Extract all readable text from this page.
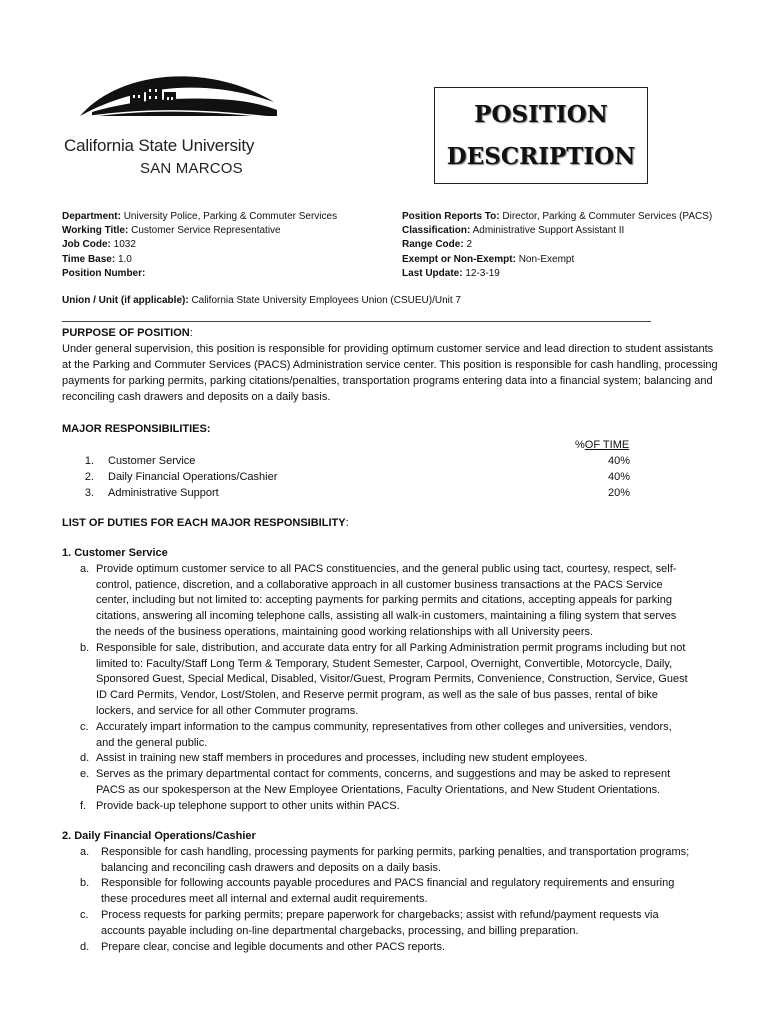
California State University
SAN MARCOS
POSITION
DESCRIPTION
Department: University Police, Parking & Commuter Services
Working Title: Customer Service Representative
Job Code: 1032
Time Base: 1.0
Position Number:
Position Reports To: Director, Parking & Commuter Services (PACS)
Classification: Administrative Support Assistant II
Range Code: 2
Exempt or Non-Exempt: Non-Exempt
Last Update: 12-3-19
Union / Unit (if applicable): California State University Employees Union (CSUEU)/Unit 7
PURPOSE OF POSITION:
Under general supervision, this position is responsible for providing optimum customer service and lead direction to student assistants at the Parking and Commuter Services (PACS) Administration service center. This position is responsible for cash handling, processing payments for parking permits, parking citations/penalties, transportation programs entering data into a financial system; balancing and reconciling cash drawers and deposits on a daily basis.
MAJOR RESPONSIBILITIES:
%OF TIME
1. Customer Service	40%
2. Daily Financial Operations/Cashier	40%
3. Administrative Support	20%
LIST OF DUTIES FOR EACH MAJOR RESPONSIBILITY:
1. Customer Service
a. Provide optimum customer service to all PACS constituencies, and the general public using tact, courtesy, respect, self-control, patience, discretion, and a collaborative approach in all customer business transactions at the PACS Service center, including but not limited to: accepting payments for parking permits and citations, accepting appeals for parking citations, answering all incoming telephone calls, assisting all walk-in customers, maintaining a filing system that serves the needs of the business operations, maintaining good working relationships with all University peers.
b. Responsible for sale, distribution, and accurate data entry for all Parking Administration permit programs including but not limited to: Faculty/Staff Long Term & Temporary, Student Semester, Carpool, Overnight, Convertible, Motorcycle, Daily, Sponsored Guest, Special Medical, Disabled, Visitor/Guest, Program Permits, Convenience, Construction, Service, Guest ID Card Permits, Vendor, Lost/Stolen, and Reserve permit program, as well as the sale of bus passes, rental of bike lockers, and service for all other Commuter programs.
c. Accurately impart information to the campus community, representatives from other colleges and universities, vendors, and the general public.
d. Assist in training new staff members in procedures and processes, including new student employees.
e. Serves as the primary departmental contact for comments, concerns, and suggestions and may be asked to represent PACS as our spokesperson at the New Employee Orientations, Faculty Orientations, and New Student Orientations.
f. Provide back-up telephone support to other units within PACS.
2. Daily Financial Operations/Cashier
a. Responsible for cash handling, processing payments for parking permits, parking penalties, and transportation programs; balancing and reconciling cash drawers and deposits on a daily basis.
b. Responsible for following accounts payable procedures and PACS financial and regulatory requirements and ensuring these procedures meet all internal and external audit requirements.
c. Process requests for parking permits; prepare paperwork for chargebacks; assist with refund/payment requests via accounts payable including on-line departmental chargebacks, processing, and billing preparation.
d. Prepare clear, concise and legible documents and other PACS reports.
